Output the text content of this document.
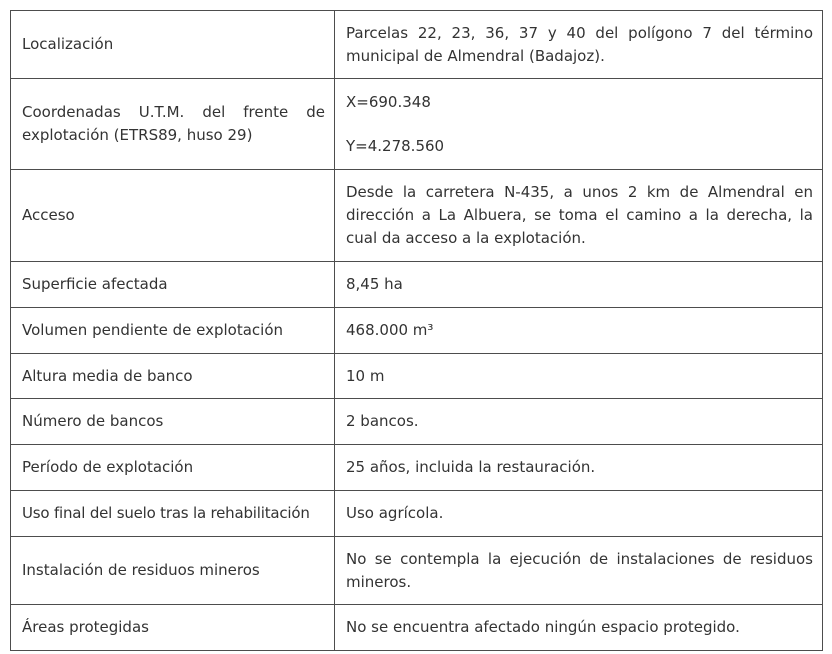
Localización	Parcelas 22, 23, 36, 37 y 40 del polígono 7 del término municipal de Almendral (Badajoz).
Coordenadas U.T.M. del frente de explotación (ETRS89, huso 29)	X=690.348
Y=4.278.560

Acceso	Desde la carretera N-435, a unos 2 km de Almendral en dirección a La Albuera, se toma el camino a la derecha, la cual da acceso a la explotación.
Superficie afectada	8,45 ha
Volumen pendiente de explotación	468.000 m³
Altura media de banco	10 m
Número de bancos	2 bancos.
Período de explotación	25 años, incluida la restauración.
Uso final del suelo tras la rehabilitación	Uso agrícola.
Instalación de residuos mineros	No se contempla la ejecución de instalaciones de residuos mineros.
Áreas protegidas	No se encuentra afectado ningún espacio protegido.
